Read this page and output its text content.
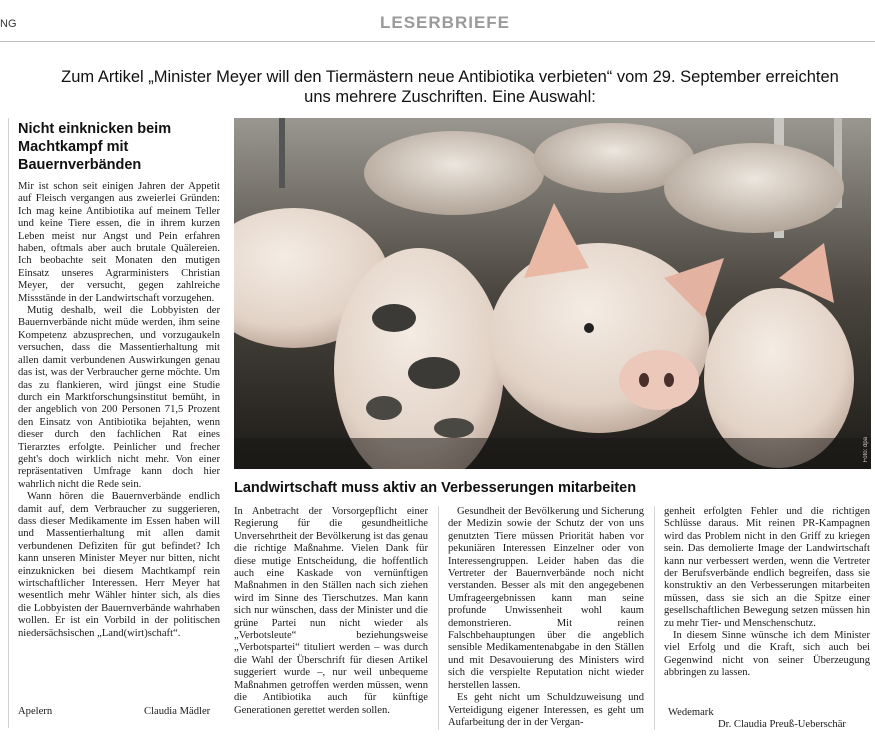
NG	LESERBRIEFE
Zum Artikel „Minister Meyer will den Tiermästern neue Antibiotika verbieten“ vom 29. September erreichten uns mehrere Zuschriften. Eine Auswahl:
Nicht einknicken beim Machtkampf mit Bauernverbänden

Mir ist schon seit einigen Jahren der Appetit auf Fleisch vergangen aus zweierlei Gründen: Ich mag keine Antibiotika auf meinem Teller und keine Tiere essen, die in ihrem kurzen Leben meist nur Angst und Pein erfahren haben, oftmals aber auch brutale Quälereien. Ich beobachte seit Monaten den mutigen Einsatz unseres Agrarministers Christian Meyer, der versucht, gegen zahlreiche Missstände in der Landwirtschaft vorzugehen.

Mutig deshalb, weil die Lobbyisten der Bauernverbände nicht müde werden, ihm seine Kompetenz abzusprechen, und vorzugaukeln versuchen, dass die Massentierhaltung mit allen damit verbundenen Auswirkungen genau das ist, was der Verbraucher gerne möchte. Um das zu flankieren, wird jüngst eine Studie durch ein Marktforschungsinstitut bemüht, in der angeblich von 200 Personen 71,5 Prozent den Einsatz von Antibiotika bejahten, wenn dieser durch den fachlichen Rat eines Tierarztes erfolgte. Peinlicher und frecher geht's doch wirklich nicht mehr. Von einer repräsentativen Umfrage kann doch hier wahrlich nicht die Rede sein.

Wann hören die Bauernverbände endlich damit auf, dem Verbraucher zu suggerieren, dass dieser Medikamente im Essen haben will und Massentierhaltung mit allen damit verbundenen Defiziten für gut befindet? Ich kann unseren Minister Meyer nur bitten, nicht einzuknicken bei diesem Machtkampf rein wirtschaftlicher Interessen. Herr Meyer hat wesentlich mehr Wähler hinter sich, als dies die Lobbyisten der Bauernverbände wahrhaben wollen. Er ist ein Vorbild in der politischen niedersächsischen „Land(wirt)schaft“.

Apelern	Claudia Mädler
Foto: dpa
Landwirtschaft muss aktiv an Verbesserungen mitarbeiten

In Anbetracht der Vorsorgepflicht einer Regierung für die gesundheitliche Unversehrtheit der Bevölkerung ist das genau die richtige Maßnahme. Vielen Dank für diese mutige Entscheidung, die hoffentlich auch eine Kaskade von vernünftigen Maßnahmen in den Ställen nach sich ziehen wird im Sinne des Tierschutzes. Man kann sich nur wünschen, dass der Minister und die grüne Partei nun nicht wieder als „Verbotsleute“ beziehungsweise „Verbotspartei“ tituliert werden – was durch die Wahl der Überschrift für diesen Artikel suggeriert wurde –, nur weil unbequeme Maßnahmen getroffen werden müssen, wenn die Antibiotika auch für künftige Generationen gerettet werden sollen.

Gesundheit der Bevölkerung und Sicherung der Medizin sowie der Schutz der von uns genutzten Tiere müssen Priorität haben vor pekuniären Interessen Einzelner oder von Interessengruppen. Leider haben das die Vertreter der Bauernverbände noch nicht verstanden. Besser als mit den angegebenen Umfrageergebnissen kann man seine profunde Unwissenheit wohl kaum demonstrieren. Mit reinen Falschbehauptungen über die angeblich sensible Medikamentenabgabe in den Ställen und mit Desavouierung des Ministers wird sich die verspielte Reputation nicht wieder herstellen lassen.

Es geht nicht um Schuldzuweisung und Verteidigung eigener Interessen, es geht um Aufarbeitung der in der Vergan-

genheit erfolgten Fehler und die richtigen Schlüsse daraus. Mit reinen PR-Kampagnen wird das Problem nicht in den Griff zu kriegen sein. Das demolierte Image der Landwirtschaft kann nur verbessert werden, wenn die Vertreter der Berufsverbände endlich begreifen, dass sie konstruktiv an den Verbesserungen mitarbeiten müssen, dass sie sich an die Spitze einer gesellschaftlichen Bewegung setzen müssen hin zu mehr Tier- und Menschenschutz.

In diesem Sinne wünsche ich dem Minister viel Erfolg und die Kraft, sich auch bei Gegenwind nicht von seiner Überzeugung abbringen zu lassen.

Wedemark
Dr. Claudia Preuß-Ueberschär
